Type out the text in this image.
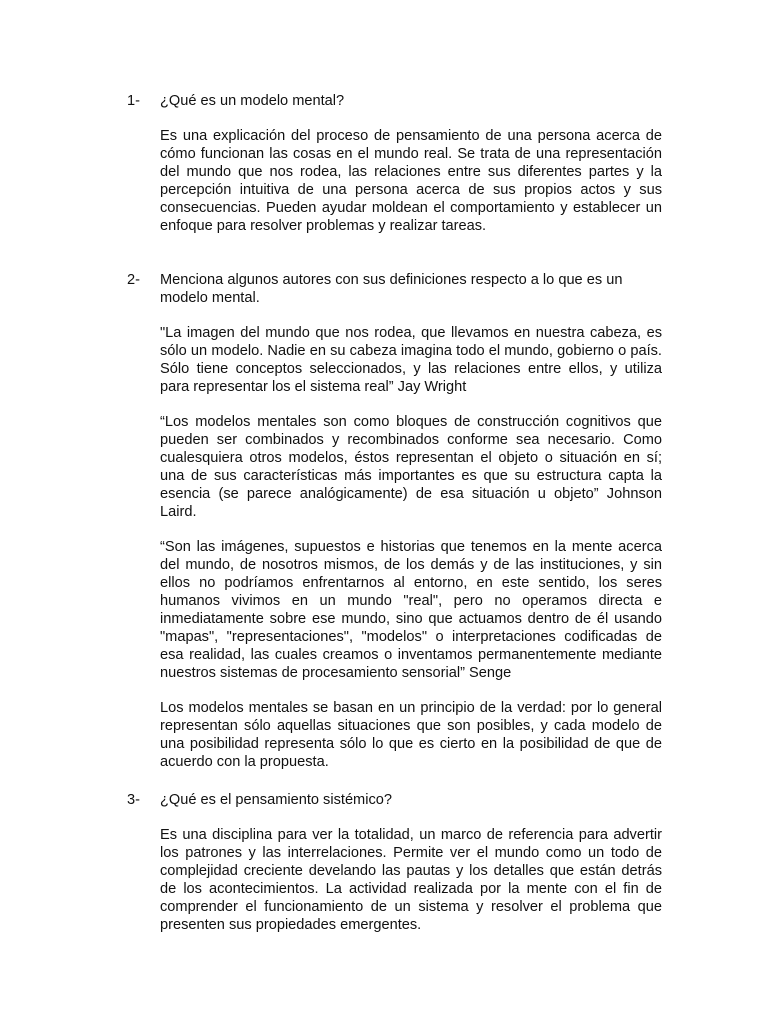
1- ¿Qué es un modelo mental?

Es una explicación del proceso de pensamiento de una persona acerca de cómo funcionan las cosas en el mundo real. Se trata de una representación del mundo que nos rodea, las relaciones entre sus diferentes partes y la percepción intuitiva de una persona acerca de sus propios actos y sus consecuencias. Pueden ayudar moldean el comportamiento y establecer un enfoque para resolver problemas y realizar tareas.

2- Menciona algunos autores con sus definiciones respecto a lo que es un modelo mental.

"La imagen del mundo que nos rodea, que llevamos en nuestra cabeza, es sólo un modelo. Nadie en su cabeza imagina todo el mundo, gobierno o país. Sólo tiene conceptos seleccionados, y las relaciones entre ellos, y utiliza para representar los el sistema real” Jay Wright

“Los modelos mentales son como bloques de construcción cognitivos que pueden ser combinados y recombinados conforme sea necesario. Como cualesquiera otros modelos, éstos representan el objeto o situación en sí; una de sus características más importantes es que su estructura capta la esencia (se parece analógicamente) de esa situación u objeto” Johnson Laird.

“Son las imágenes, supuestos e historias que tenemos en la mente acerca del mundo, de nosotros mismos, de los demás y de las instituciones, y sin ellos no podríamos enfrentarnos al entorno, en este sentido, los seres humanos vivimos en un mundo "real", pero no operamos directa e inmediatamente sobre ese mundo, sino que actuamos dentro de él usando "mapas", "representaciones", "modelos" o interpretaciones codificadas de esa realidad, las cuales creamos o inventamos permanentemente mediante nuestros sistemas de procesamiento sensorial” Senge

Los modelos mentales se basan en un principio de la verdad: por lo general representan sólo aquellas situaciones que son posibles, y cada modelo de una posibilidad representa sólo lo que es cierto en la posibilidad de que de acuerdo con la propuesta.

3- ¿Qué es el pensamiento sistémico?

Es una disciplina para ver la totalidad, un marco de referencia para advertir los patrones y las interrelaciones. Permite ver el mundo como un todo de complejidad creciente develando las pautas y los detalles que están detrás de los acontecimientos. La actividad realizada por la mente con el fin de comprender el funcionamiento de un sistema y resolver el problema que presenten sus propiedades emergentes.
